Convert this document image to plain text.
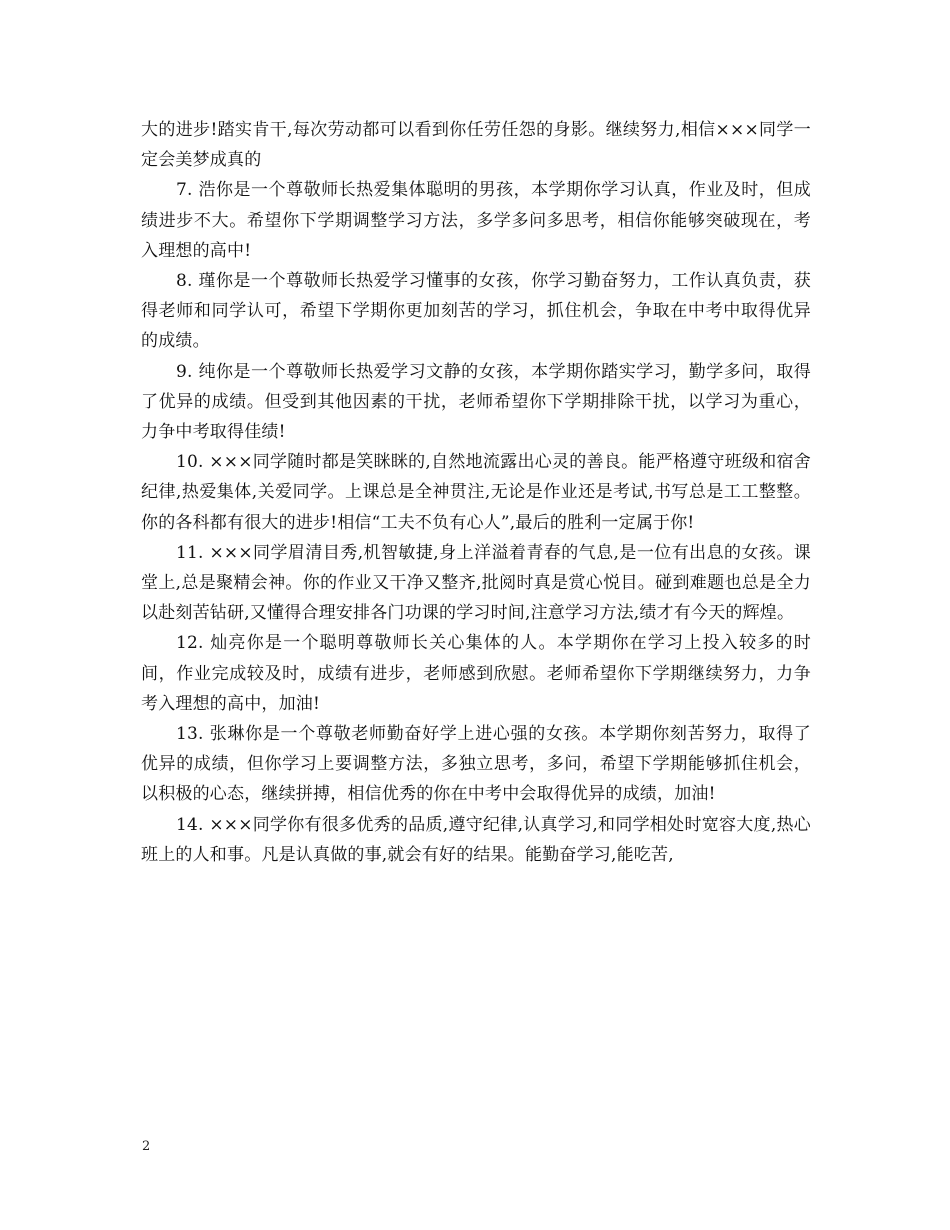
大的进步!踏实肯干,每次劳动都可以看到你任劳任怨的身影。继续努力,相信×××同学一定会美梦成真的

7. 浩你是一个尊敬师长热爱集体聪明的男孩，本学期你学习认真，作业及时，但成绩进步不大。希望你下学期调整学习方法，多学多问多思考，相信你能够突破现在，考入理想的高中!

8. 瑾你是一个尊敬师长热爱学习懂事的女孩，你学习勤奋努力，工作认真负责，获得老师和同学认可，希望下学期你更加刻苦的学习，抓住机会，争取在中考中取得优异的成绩。

9. 纯你是一个尊敬师长热爱学习文静的女孩，本学期你踏实学习，勤学多问，取得了优异的成绩。但受到其他因素的干扰，老师希望你下学期排除干扰，以学习为重心，力争中考取得佳绩!

10. ×××同学随时都是笑眯眯的,自然地流露出心灵的善良。能严格遵守班级和宿舍纪律,热爱集体,关爱同学。上课总是全神贯注,无论是作业还是考试,书写总是工工整整。你的各科都有很大的进步!相信“工夫不负有心人”,最后的胜利一定属于你!

11. ×××同学眉清目秀,机智敏捷,身上洋溢着青春的气息,是一位有出息的女孩。课堂上,总是聚精会神。你的作业又干净又整齐,批阅时真是赏心悦目。碰到难题也总是全力以赴刻苦钻研,又懂得合理安排各门功课的学习时间,注意学习方法,绩才有今天的辉煌。

12. 灿亮你是一个聪明尊敬师长关心集体的人。本学期你在学习上投入较多的时间，作业完成较及时，成绩有进步，老师感到欣慰。老师希望你下学期继续努力，力争考入理想的高中，加油!

13. 张琳你是一个尊敬老师勤奋好学上进心强的女孩。本学期你刻苦努力，取得了优异的成绩，但你学习上要调整方法，多独立思考，多问，希望下学期能够抓住机会，以积极的心态，继续拼搏，相信优秀的你在中考中会取得优异的成绩，加油!

14. ×××同学你有很多优秀的品质,遵守纪律,认真学习,和同学相处时宽容大度,热心班上的人和事。凡是认真做的事,就会有好的结果。能勤奋学习,能吃苦,

2
